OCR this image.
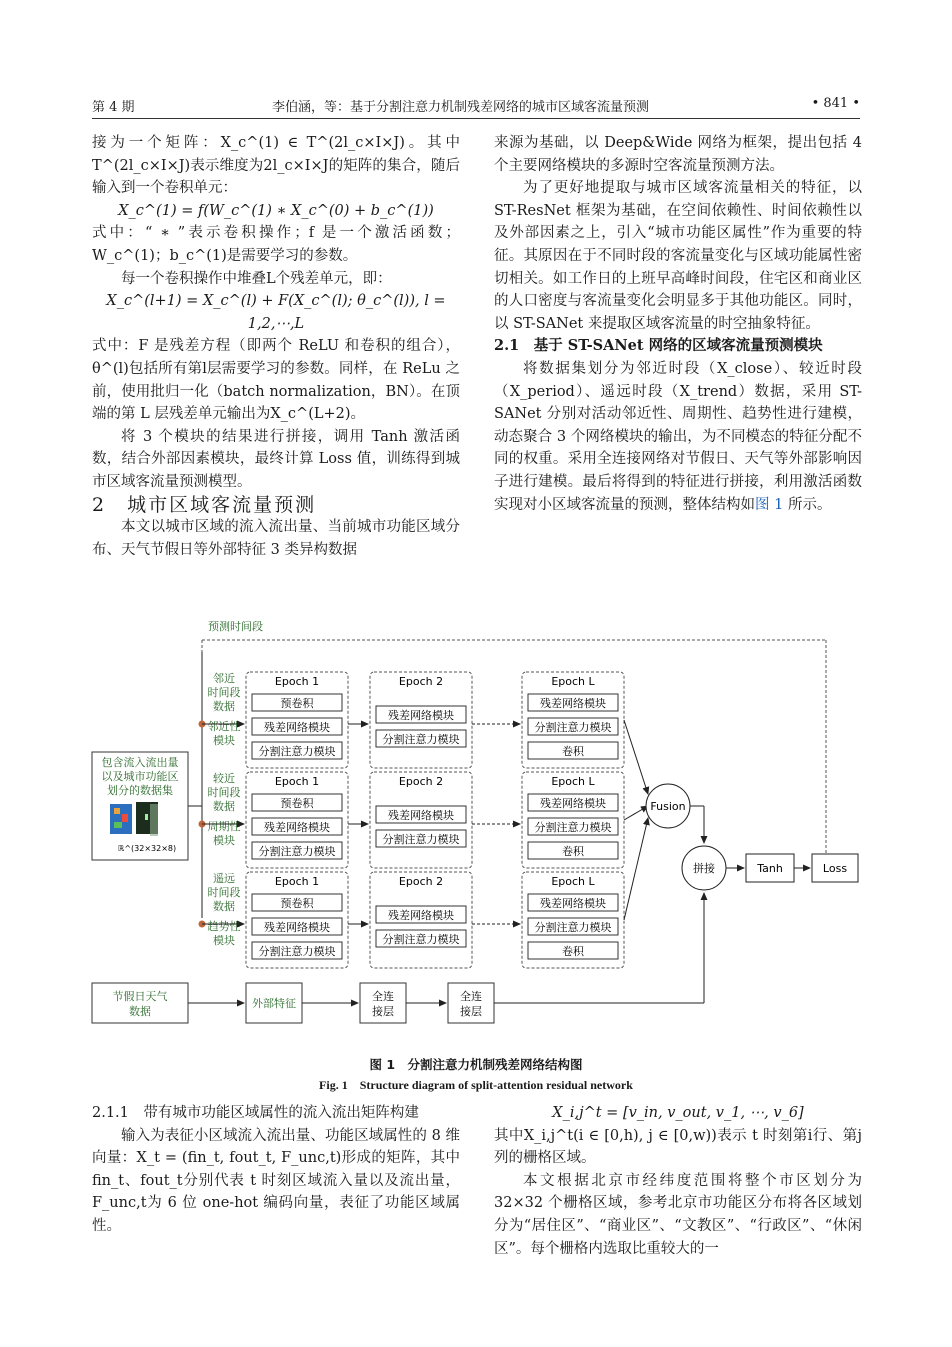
第 4 期	李伯涵，等：基于分割注意力机制残差网络的城市区域客流量预测	• 841 •

接为一个矩阵：X_c^(1) ∈ T^(2l_c×I×J)。其中T^(2l_c×I×J)表示维度为2l_c×I×J的矩阵的集合，随后输入到一个卷积单元：

X_c^(1) = f(W_c^(1) ∗ X_c^(0) + b_c^(1))

式中：“ ∗ ”表示卷积操作；f 是一个激活函数；W_c^(1)；b_c^(1)是需要学习的参数。

每一个卷积操作中堆叠L个残差单元，即：

X_c^(l+1) = X_c^(l) + F(X_c^(l); θ_c^(l)), l = 1,2,⋯,L

式中：F 是残差方程（即两个 ReLU 和卷积的组合），θ^(l)包括所有第l层需要学习的参数。同样，在 ReLu 之前，使用批归一化（batch normalization，BN）。在顶端的第 L 层残差单元输出为X_c^(L+2)。

将 3 个模块的结果进行拼接，调用 Tanh 激活函数，结合外部因素模块，最终计算 Loss 值，训练得到城市区域客流量预测模型。

2　城市区域客流量预测

本文以城市区域的流入流出量、当前城市功能区域分布、天气节假日等外部特征 3 类异构数据

来源为基础，以 Deep&Wide 网络为框架，提出包括 4 个主要网络模块的多源时空客流量预测方法。

为了更好地提取与城市区域客流量相关的特征，以 ST-ResNet 框架为基础，在空间依赖性、时间依赖性以及外部因素之上，引入“城市功能区属性”作为重要的特征。其原因在于不同时段的客流量变化与区域功能属性密切相关。如工作日的上班早高峰时间段，住宅区和商业区的人口密度与客流量变化会明显多于其他功能区。同时，以 ST-SANet 来提取区域客流量的时空抽象特征。

2.1　基于 ST-SANet 网络的区域客流量预测模块

将数据集划分为邻近时段（X_close）、较近时段（X_period）、遥远时段（X_trend）数据，采用 ST-SANet 分别对活动邻近性、周期性、趋势性进行建模，动态聚合 3 个网络模块的输出，为不同模态的特征分配不同的权重。采用全连接网络对节假日、天气等外部影响因子进行建模。最后将得到的特征进行拼接，利用激活函数实现对小区域客流量的预测，整体结构如图 1 所示。

预测时间段
包含流入流出量
以及城市功能区
划分的数据集
ℝ^(32×32×8)
邻近
时间段
数据
邻近性
模块
Epoch 1
预卷积
残差网络模块
分割注意力模块
Epoch 2
残差网络模块
分割注意力模块
Epoch L
残差网络模块
分割注意力模块
卷积
较近
时间段
数据
周期性
模块
Epoch 1
预卷积
残差网络模块
分割注意力模块
Epoch 2
残差网络模块
分割注意力模块
Epoch L
残差网络模块
分割注意力模块
卷积
遥远
时间段
数据
趋势性
模块
Epoch 1
预卷积
残差网络模块
分割注意力模块
Epoch 2
残差网络模块
分割注意力模块
Epoch L
残差网络模块
分割注意力模块
卷积
Fusion
拼接	Tanh	Loss
节假日天气
数据
外部特征
全连
接层
全连
接层
图 1　分割注意力机制残差网络结构图
Fig. 1　Structure diagram of split-attention residual network

2.1.1　带有城市功能区域属性的流入流出矩阵构建

输入为表征小区域流入流出量、功能区域属性的 8 维向量：X_t = (fin_t, fout_t, F_unc,t)形成的矩阵，其中fin_t、fout_t分别代表 t 时刻区域流入量以及流出量，F_unc,t为 6 位 one-hot 编码向量，表征了功能区域属性。

X_i,j^t = [v_in, v_out, v_1, ⋯, v_6]

其中X_i,j^t(i ∈ [0,h), j ∈ [0,w))表示 t 时刻第i行、第j列的栅格区域。

本文根据北京市经纬度范围将整个市区划分为 32×32 个栅格区域，参考北京市功能区分布将各区域划分为“居住区”、“商业区”、“文教区”、“行政区”、“休闲区”。每个栅格内选取比重较大的一
